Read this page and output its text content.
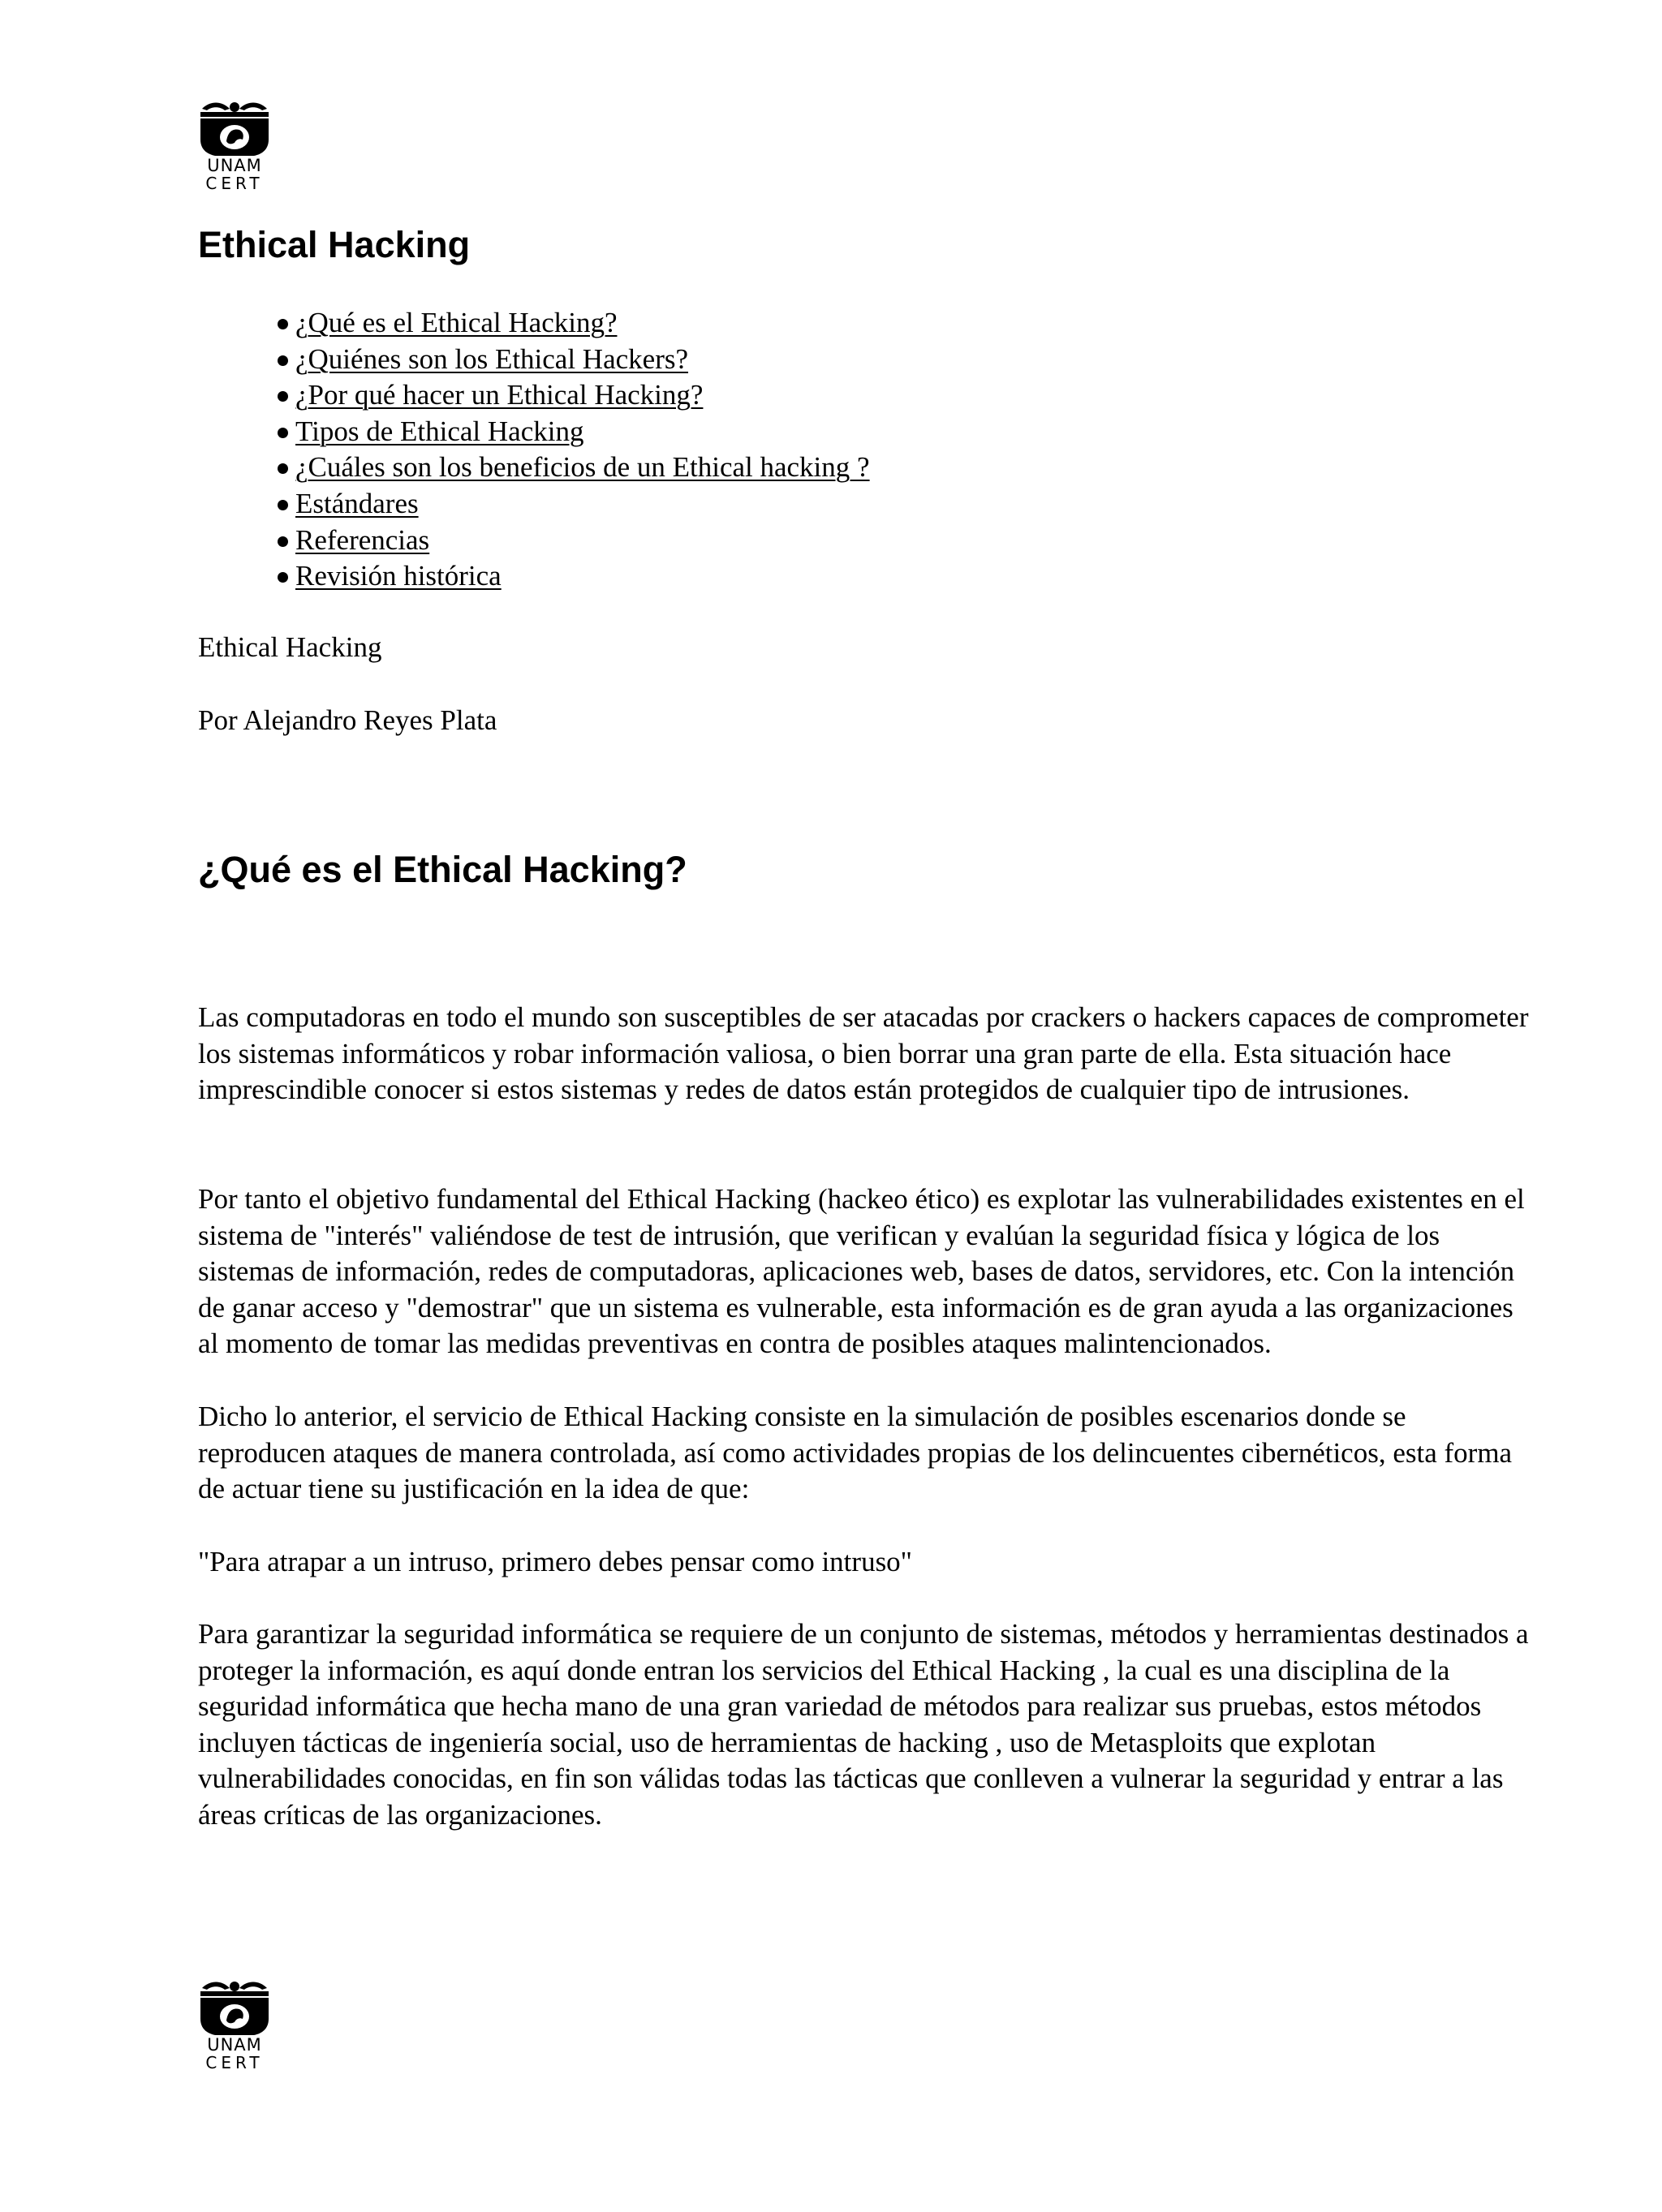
UNAM
CERT
Ethical Hacking
¿Qué es el Ethical Hacking?
¿Quiénes son los Ethical Hackers?
¿Por qué hacer un Ethical Hacking?
Tipos de Ethical Hacking
¿Cuáles son los beneficios de un Ethical hacking ?
Estándares
Referencias
Revisión histórica

Ethical Hacking

Por Alejandro Reyes Plata

¿Qué es el Ethical Hacking?

Las computadoras en todo el mundo son susceptibles de ser atacadas por crackers o hackers capaces de comprometer los sistemas informáticos y robar información valiosa, o bien borrar una gran parte de ella. Esta situación hace imprescindible conocer si estos sistemas y redes de datos están protegidos de cualquier tipo de intrusiones.

Por tanto el objetivo fundamental del Ethical Hacking (hackeo ético) es explotar las vulnerabilidades existentes en el sistema de "interés" valiéndose de test de intrusión, que verifican y evalúan la seguridad física y lógica de los sistemas de información, redes de computadoras, aplicaciones web, bases de datos, servidores, etc. Con la intención de ganar acceso y "demostrar" que un sistema es vulnerable, esta información es de gran ayuda a las organizaciones al momento de tomar las medidas preventivas en contra de posibles ataques malintencionados.

Dicho lo anterior, el servicio de Ethical Hacking consiste en la simulación de posibles escenarios donde se reproducen ataques de manera controlada, así como actividades propias de los delincuentes cibernéticos, esta forma de actuar tiene su justificación en la idea de que:

"Para atrapar a un intruso, primero debes pensar como intruso"

Para garantizar la seguridad informática se requiere de un conjunto de sistemas, métodos y herramientas destinados a proteger la información, es aquí donde entran los servicios del Ethical Hacking , la cual es una disciplina de la seguridad informática que hecha mano de una gran variedad de métodos para realizar sus pruebas, estos métodos incluyen tácticas de ingeniería social, uso de herramientas de hacking , uso de Metasploits que explotan vulnerabilidades conocidas, en fin son válidas todas las tácticas que conlleven a vulnerar la seguridad y entrar a las áreas críticas de las organizaciones.

UNAM
CERT
